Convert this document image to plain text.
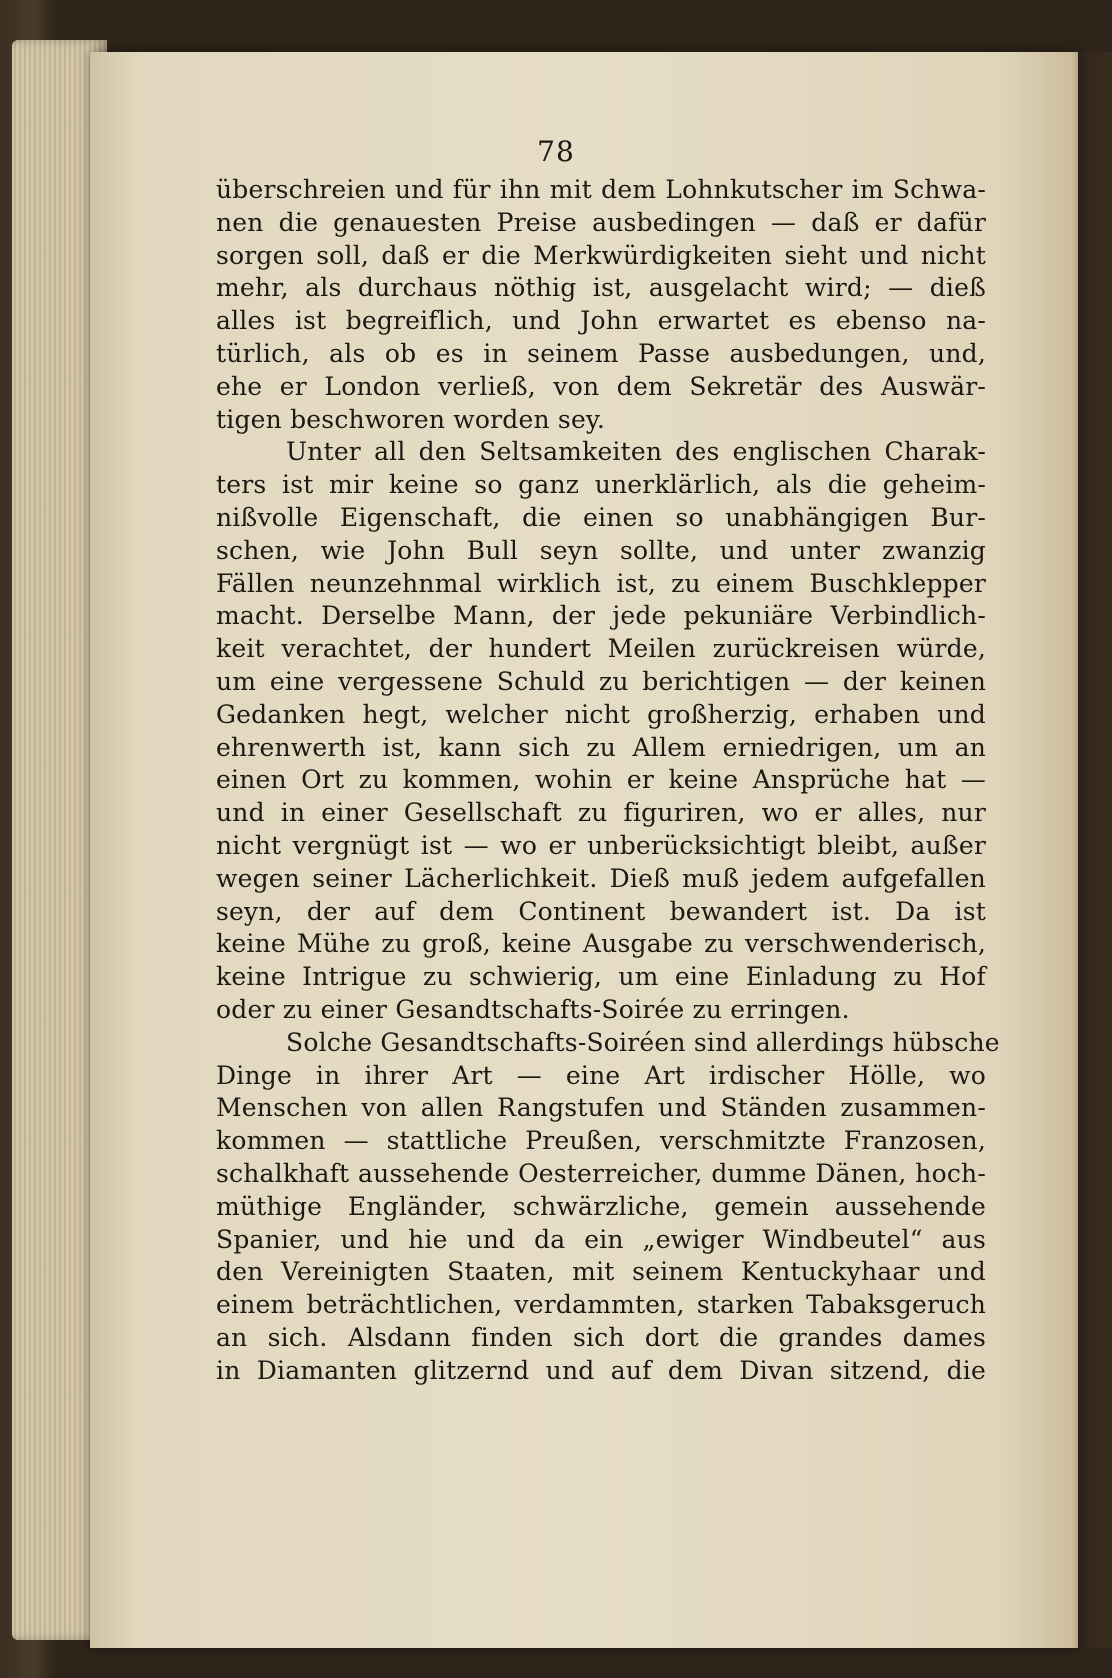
78
überschreien und für ihn mit dem Lohnkutscher im Schwa-
nen die genauesten Preise ausbedingen — daß er dafür
sorgen soll, daß er die Merkwürdigkeiten sieht und nicht
mehr, als durchaus nöthig ist, ausgelacht wird; — dieß
alles ist begreiflich, und John erwartet es ebenso na-
türlich, als ob es in seinem Passe ausbedungen, und,
ehe er London verließ, von dem Sekretär des Auswär-
tigen beschworen worden sey.
Unter all den Seltsamkeiten des englischen Charak-
ters ist mir keine so ganz unerklärlich, als die geheim-
nißvolle Eigenschaft, die einen so unabhängigen Bur-
schen, wie John Bull seyn sollte, und unter zwanzig
Fällen neunzehnmal wirklich ist, zu einem Buschklepper
macht. Derselbe Mann, der jede pekuniäre Verbindlich-
keit verachtet, der hundert Meilen zurückreisen würde,
um eine vergessene Schuld zu berichtigen — der keinen
Gedanken hegt, welcher nicht großherzig, erhaben und
ehrenwerth ist, kann sich zu Allem erniedrigen, um an
einen Ort zu kommen, wohin er keine Ansprüche hat —
und in einer Gesellschaft zu figuriren, wo er alles, nur
nicht vergnügt ist — wo er unberücksichtigt bleibt, außer
wegen seiner Lächerlichkeit. Dieß muß jedem aufgefallen
seyn, der auf dem Continent bewandert ist. Da ist
keine Mühe zu groß, keine Ausgabe zu verschwenderisch,
keine Intrigue zu schwierig, um eine Einladung zu Hof
oder zu einer Gesandtschafts-Soirée zu erringen.
Solche Gesandtschafts-Soiréen sind allerdings hübsche
Dinge in ihrer Art — eine Art irdischer Hölle, wo
Menschen von allen Rangstufen und Ständen zusammen-
kommen — stattliche Preußen, verschmitzte Franzosen,
schalkhaft aussehende Oesterreicher, dumme Dänen, hoch-
müthige Engländer, schwärzliche, gemein aussehende
Spanier, und hie und da ein „ewiger Windbeutel“ aus
den Vereinigten Staaten, mit seinem Kentuckyhaar und
einem beträchtlichen, verdammten, starken Tabaksgeruch
an sich. Alsdann finden sich dort die grandes dames
in Diamanten glitzernd und auf dem Divan sitzend, die
